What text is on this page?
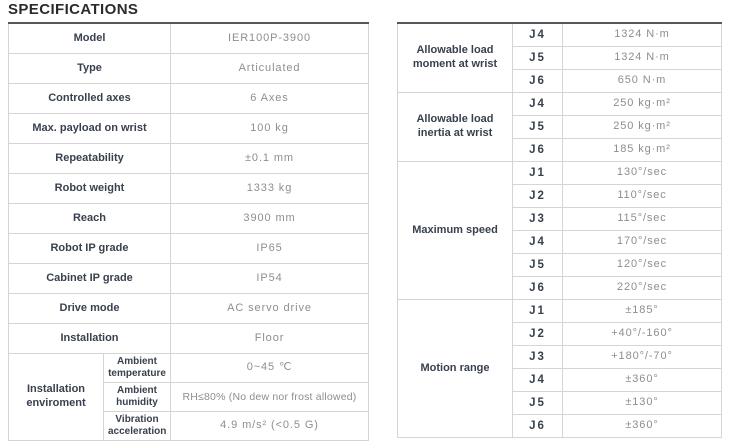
SPECIFICATIONS
Model		IER100P-3900
Type		Articulated
Controlled axes		6 Axes
Max. payload on wrist		100 kg
Repeatability		±0.1 mm
Robot weight		1333 kg
Reach		3900 mm
Robot IP grade		IP65
Cabinet IP grade		IP54
Drive mode		AC servo drive
Installation		Floor
Installation enviroment	Ambient temperature	0~45 ℃
	Ambient humidity	RH≤80% (No dew nor frost allowed)
	Vibration acceleration	4.9 m/s² (<0.5 G)
Allowable load moment at wrist	J4	1324 N·m
	J5	1324 N·m
	J6	650 N·m
Allowable load inertia at wrist	J4	250 kg·m²
	J5	250 kg·m²
	J6	185 kg·m²
Maximum speed	J1	130°/sec
	J2	110°/sec
	J3	115°/sec
	J4	170°/sec
	J5	120°/sec
	J6	220°/sec
Motion range	J1	±185°
	J2	+40°/-160°
	J3	+180°/-70°
	J4	±360°
	J5	±130°
	J6	±360°
